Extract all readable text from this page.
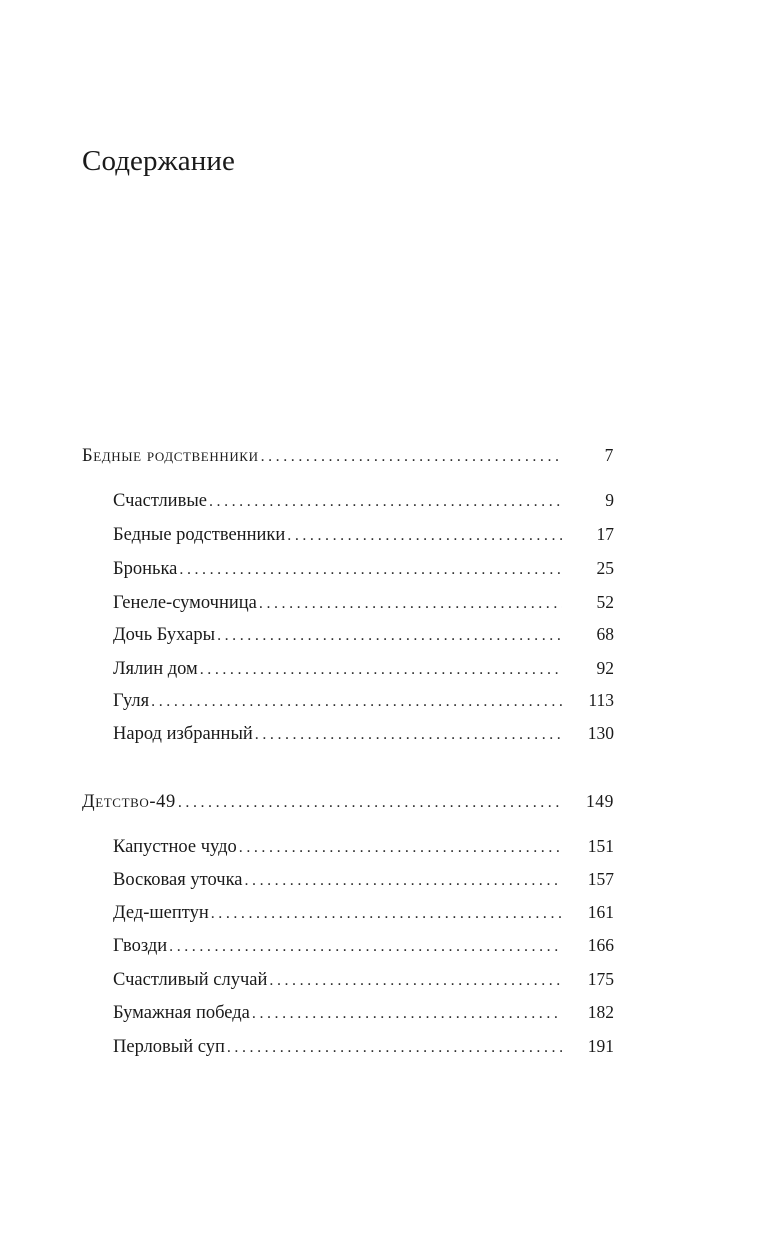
Содержание
Бедные родственники .....	7
Счастливые .....	9
Бедные родственники .....	17
Бронька .....	25
Генеле-сумочница .....	52
Дочь Бухары .....	68
Лялин дом .....	92
Гуля .....	113
Народ избранный .....	130
Детство-49 .....	149
Капустное чудо .....	151
Восковая уточка .....	157
Дед-шептун .....	161
Гвозди .....	166
Счастливый случай .....	175
Бумажная победа .....	182
Перловый суп .....	191
